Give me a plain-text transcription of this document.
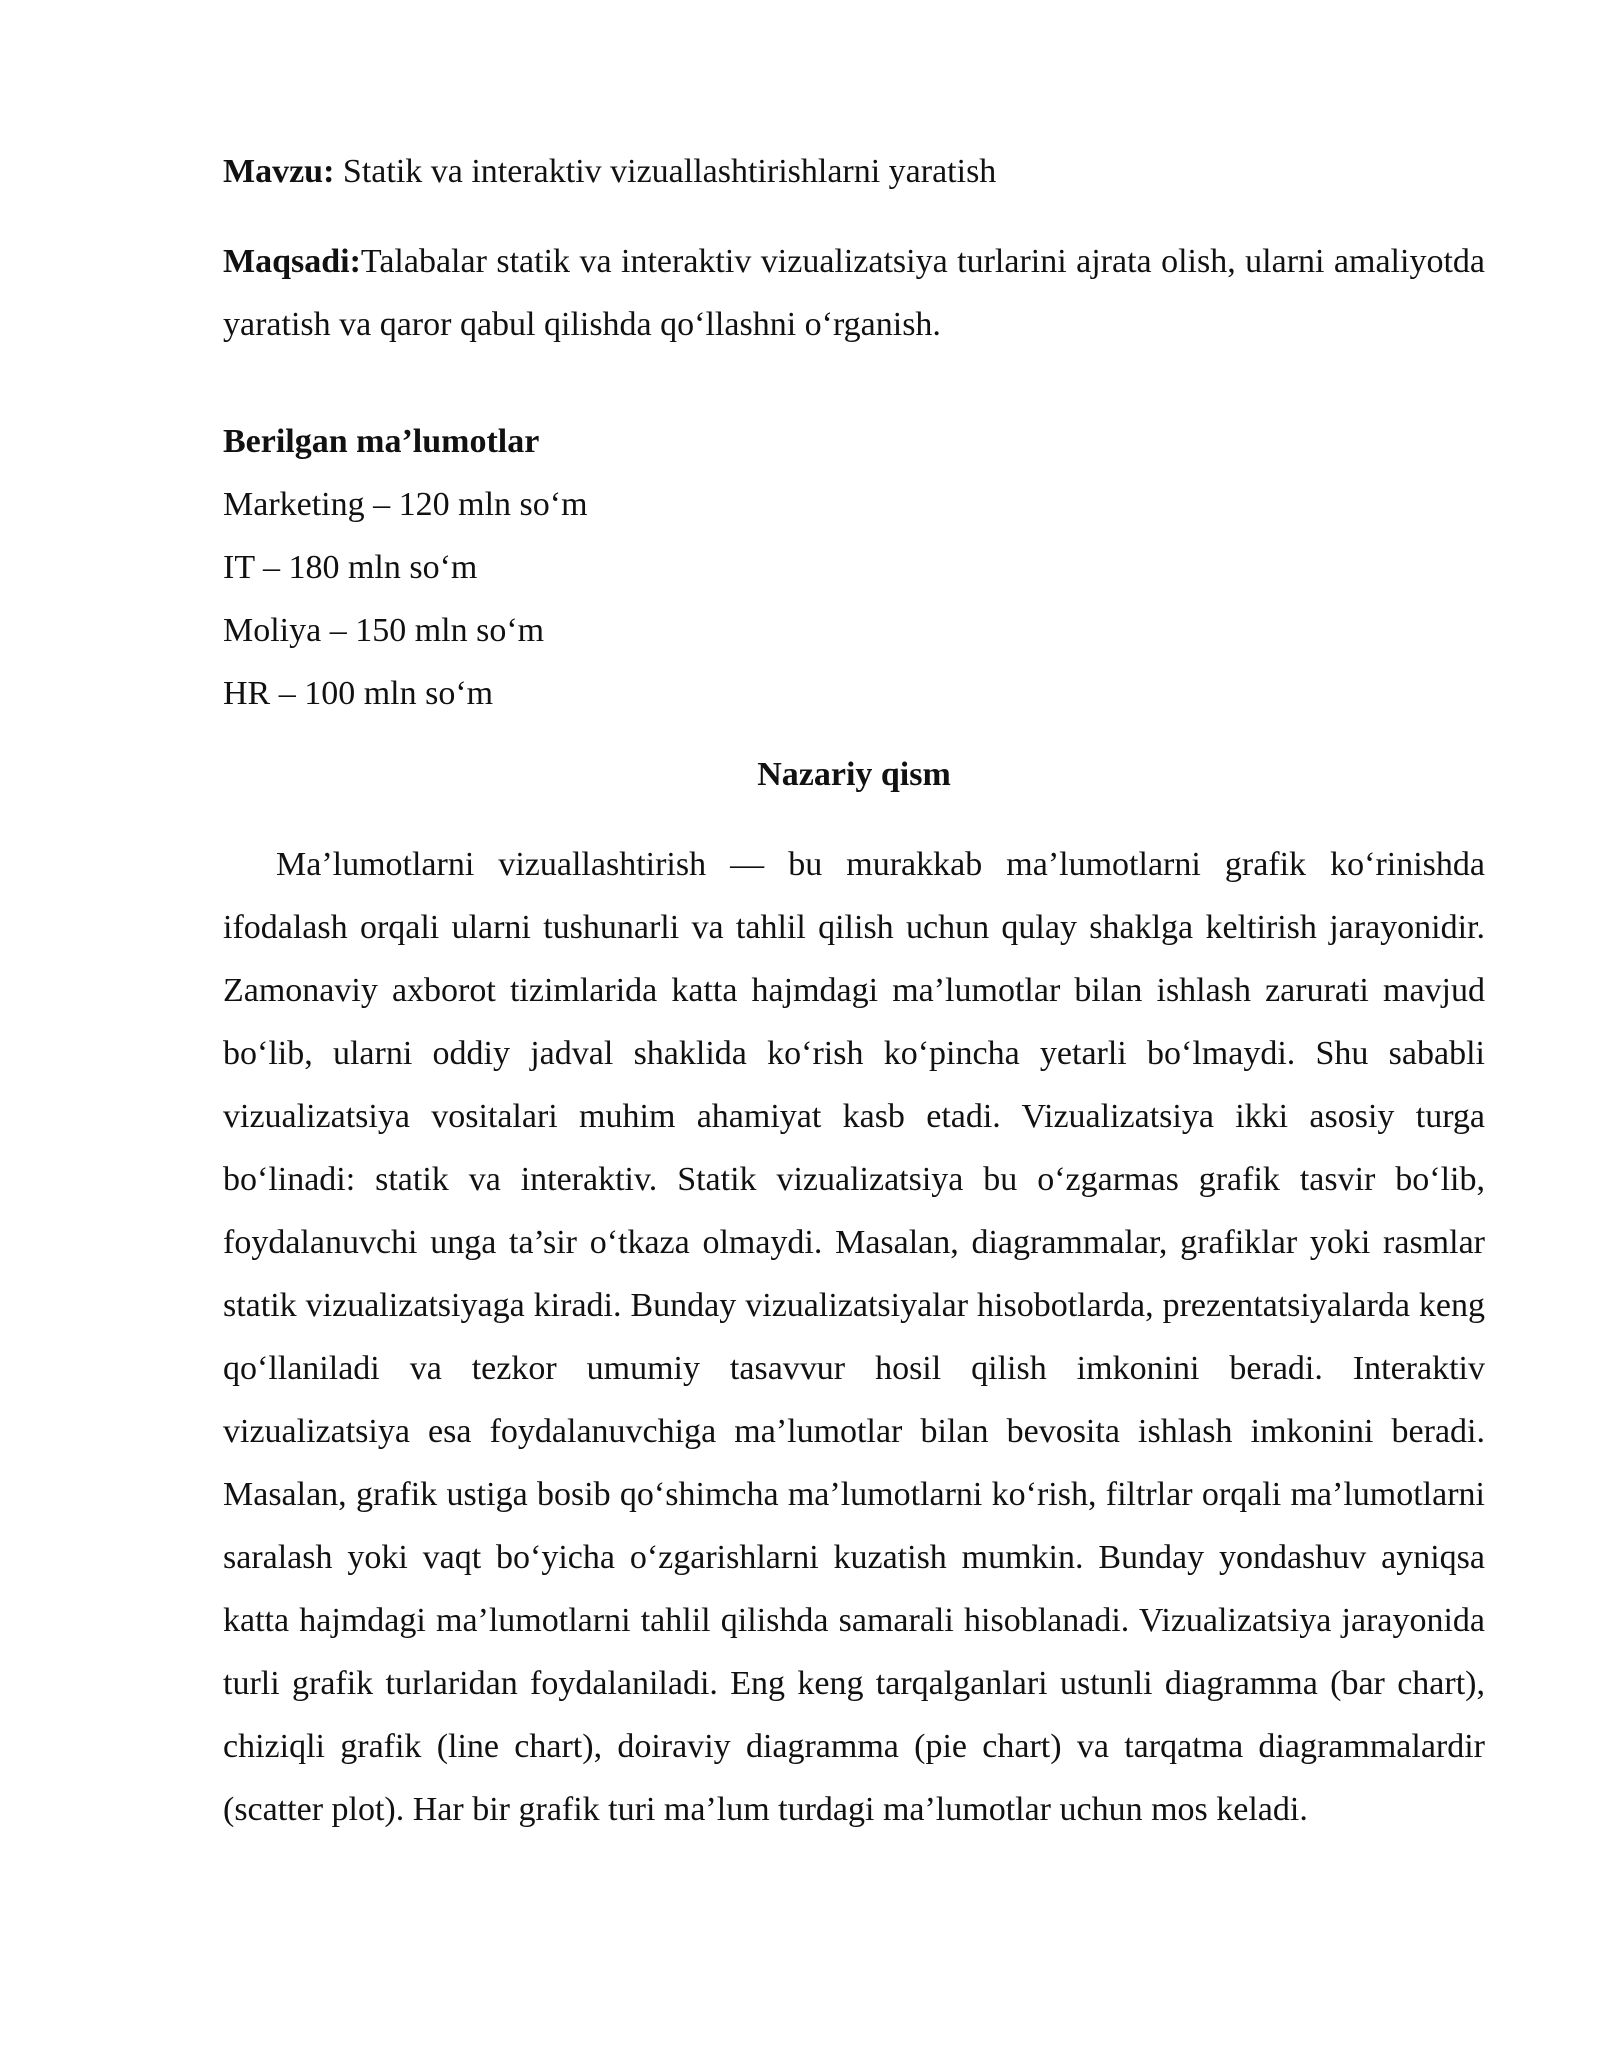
Mavzu: Statik va interaktiv vizuallashtirishlarni yaratish

Maqsadi:Talabalar statik va interaktiv vizualizatsiya turlarini ajrata olish, ularni amaliyotda yaratish va qaror qabul qilishda qo‘llashni o‘rganish.

Berilgan ma’lumotlar

Marketing – 120 mln so‘m

IT – 180 mln so‘m

Moliya – 150 mln so‘m

HR – 100 mln so‘m

Nazariy qism

Ma’lumotlarni vizuallashtirish — bu murakkab ma’lumotlarni grafik ko‘rinishda ifodalash orqali ularni tushunarli va tahlil qilish uchun qulay shaklga keltirish jarayonidir. Zamonaviy axborot tizimlarida katta hajmdagi ma’lumotlar bilan ishlash zarurati mavjud bo‘lib, ularni oddiy jadval shaklida ko‘rish ko‘pincha yetarli bo‘lmaydi. Shu sababli vizualizatsiya vositalari muhim ahamiyat kasb etadi. Vizualizatsiya ikki asosiy turga bo‘linadi: statik va interaktiv. Statik vizualizatsiya bu o‘zgarmas grafik tasvir bo‘lib, foydalanuvchi unga ta’sir o‘tkaza olmaydi. Masalan, diagrammalar, grafiklar yoki rasmlar statik vizualizatsiyaga kiradi. Bunday vizualizatsiyalar hisobotlarda, prezentatsiyalarda keng qo‘llaniladi va tezkor umumiy tasavvur hosil qilish imkonini beradi. Interaktiv vizualizatsiya esa foydalanuvchiga ma’lumotlar bilan bevosita ishlash imkonini beradi. Masalan, grafik ustiga bosib qo‘shimcha ma’lumotlarni ko‘rish, filtrlar orqali ma’lumotlarni saralash yoki vaqt bo‘yicha o‘zgarishlarni kuzatish mumkin. Bunday yondashuv ayniqsa katta hajmdagi ma’lumotlarni tahlil qilishda samarali hisoblanadi. Vizualizatsiya jarayonida turli grafik turlaridan foydalaniladi. Eng keng tarqalganlari ustunli diagramma (bar chart), chiziqli grafik (line chart), doiraviy diagramma (pie chart) va tarqatma diagrammalardir (scatter plot). Har bir grafik turi ma’lum turdagi ma’lumotlar uchun mos keladi.
